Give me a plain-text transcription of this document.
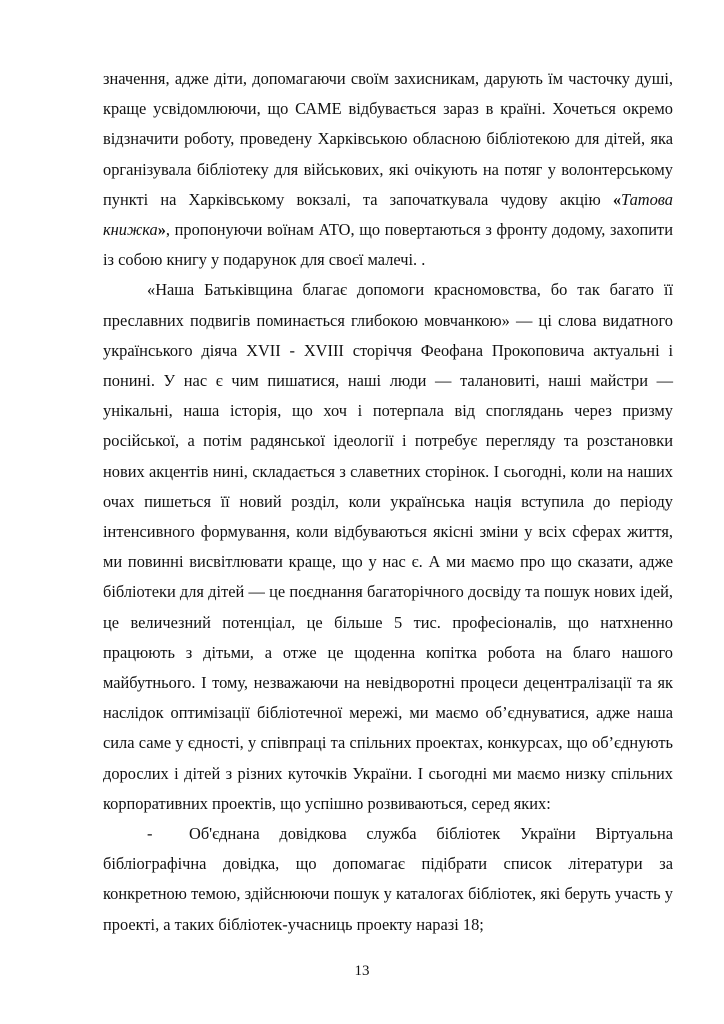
значення, адже діти, допомагаючи своїм захисникам, дарують їм часточку душі, краще усвідомлюючи, що САМЕ відбувається зараз в країні. Хочеться окремо відзначити роботу, проведену Харківською обласною бібліотекою для дітей, яка організувала бібліотеку для військових, які очікують на потяг у волонтерському пункті на Харківському вокзалі, та започаткувала чудову акцію «Татова книжка», пропонуючи воїнам АТО, що повертаються з фронту додому, захопити із собою книгу у подарунок для своєї малечі. .

«Наша Батьківщина благає допомоги красномовства, бо так багато її преславних подвигів поминається глибокою мовчанкою» — ці слова видатного українського діяча XVII - XVIII сторіччя Феофана Прокоповича актуальні і понині. У нас є чим пишатися, наші люди — талановиті, наші майстри — унікальні, наша історія, що хоч і потерпала від споглядань через призму російської, а потім радянської ідеології і потребує перегляду та розстановки нових акцентів нині, складається з славетних сторінок. І сьогодні, коли на наших очах пишеться її новий розділ, коли українська нація вступила до періоду інтенсивного формування, коли відбуваються якісні зміни у всіх сферах життя, ми повинні висвітлювати краще, що у нас є. А ми маємо про що сказати, адже бібліотеки для дітей — це поєднання багаторічного досвіду та пошук нових ідей, це величезний потенціал, це більше 5 тис. професіоналів, що натхненно працюють з дітьми, а отже це щоденна копітка робота на благо нашого майбутнього. І тому, незважаючи на невідворотні процеси децентралізації та як наслідок оптимізації бібліотечної мережі, ми маємо об’єднуватися, адже наша сила саме у єдності, у співпраці та спільних проектах, конкурсах, що об’єднують дорослих і дітей з різних куточків України. І сьогодні ми маємо низку спільних корпоративних проектів, що успішно розвиваються, серед яких:

- Об'єднана довідкова служба бібліотек України Віртуальна бібліографічна довідка, що допомагає підібрати список літератури за конкретною темою, здійснюючи пошук у каталогах бібліотек, які беруть участь у проекті, а таких бібліотек-учасниць проекту наразі 18;

13
